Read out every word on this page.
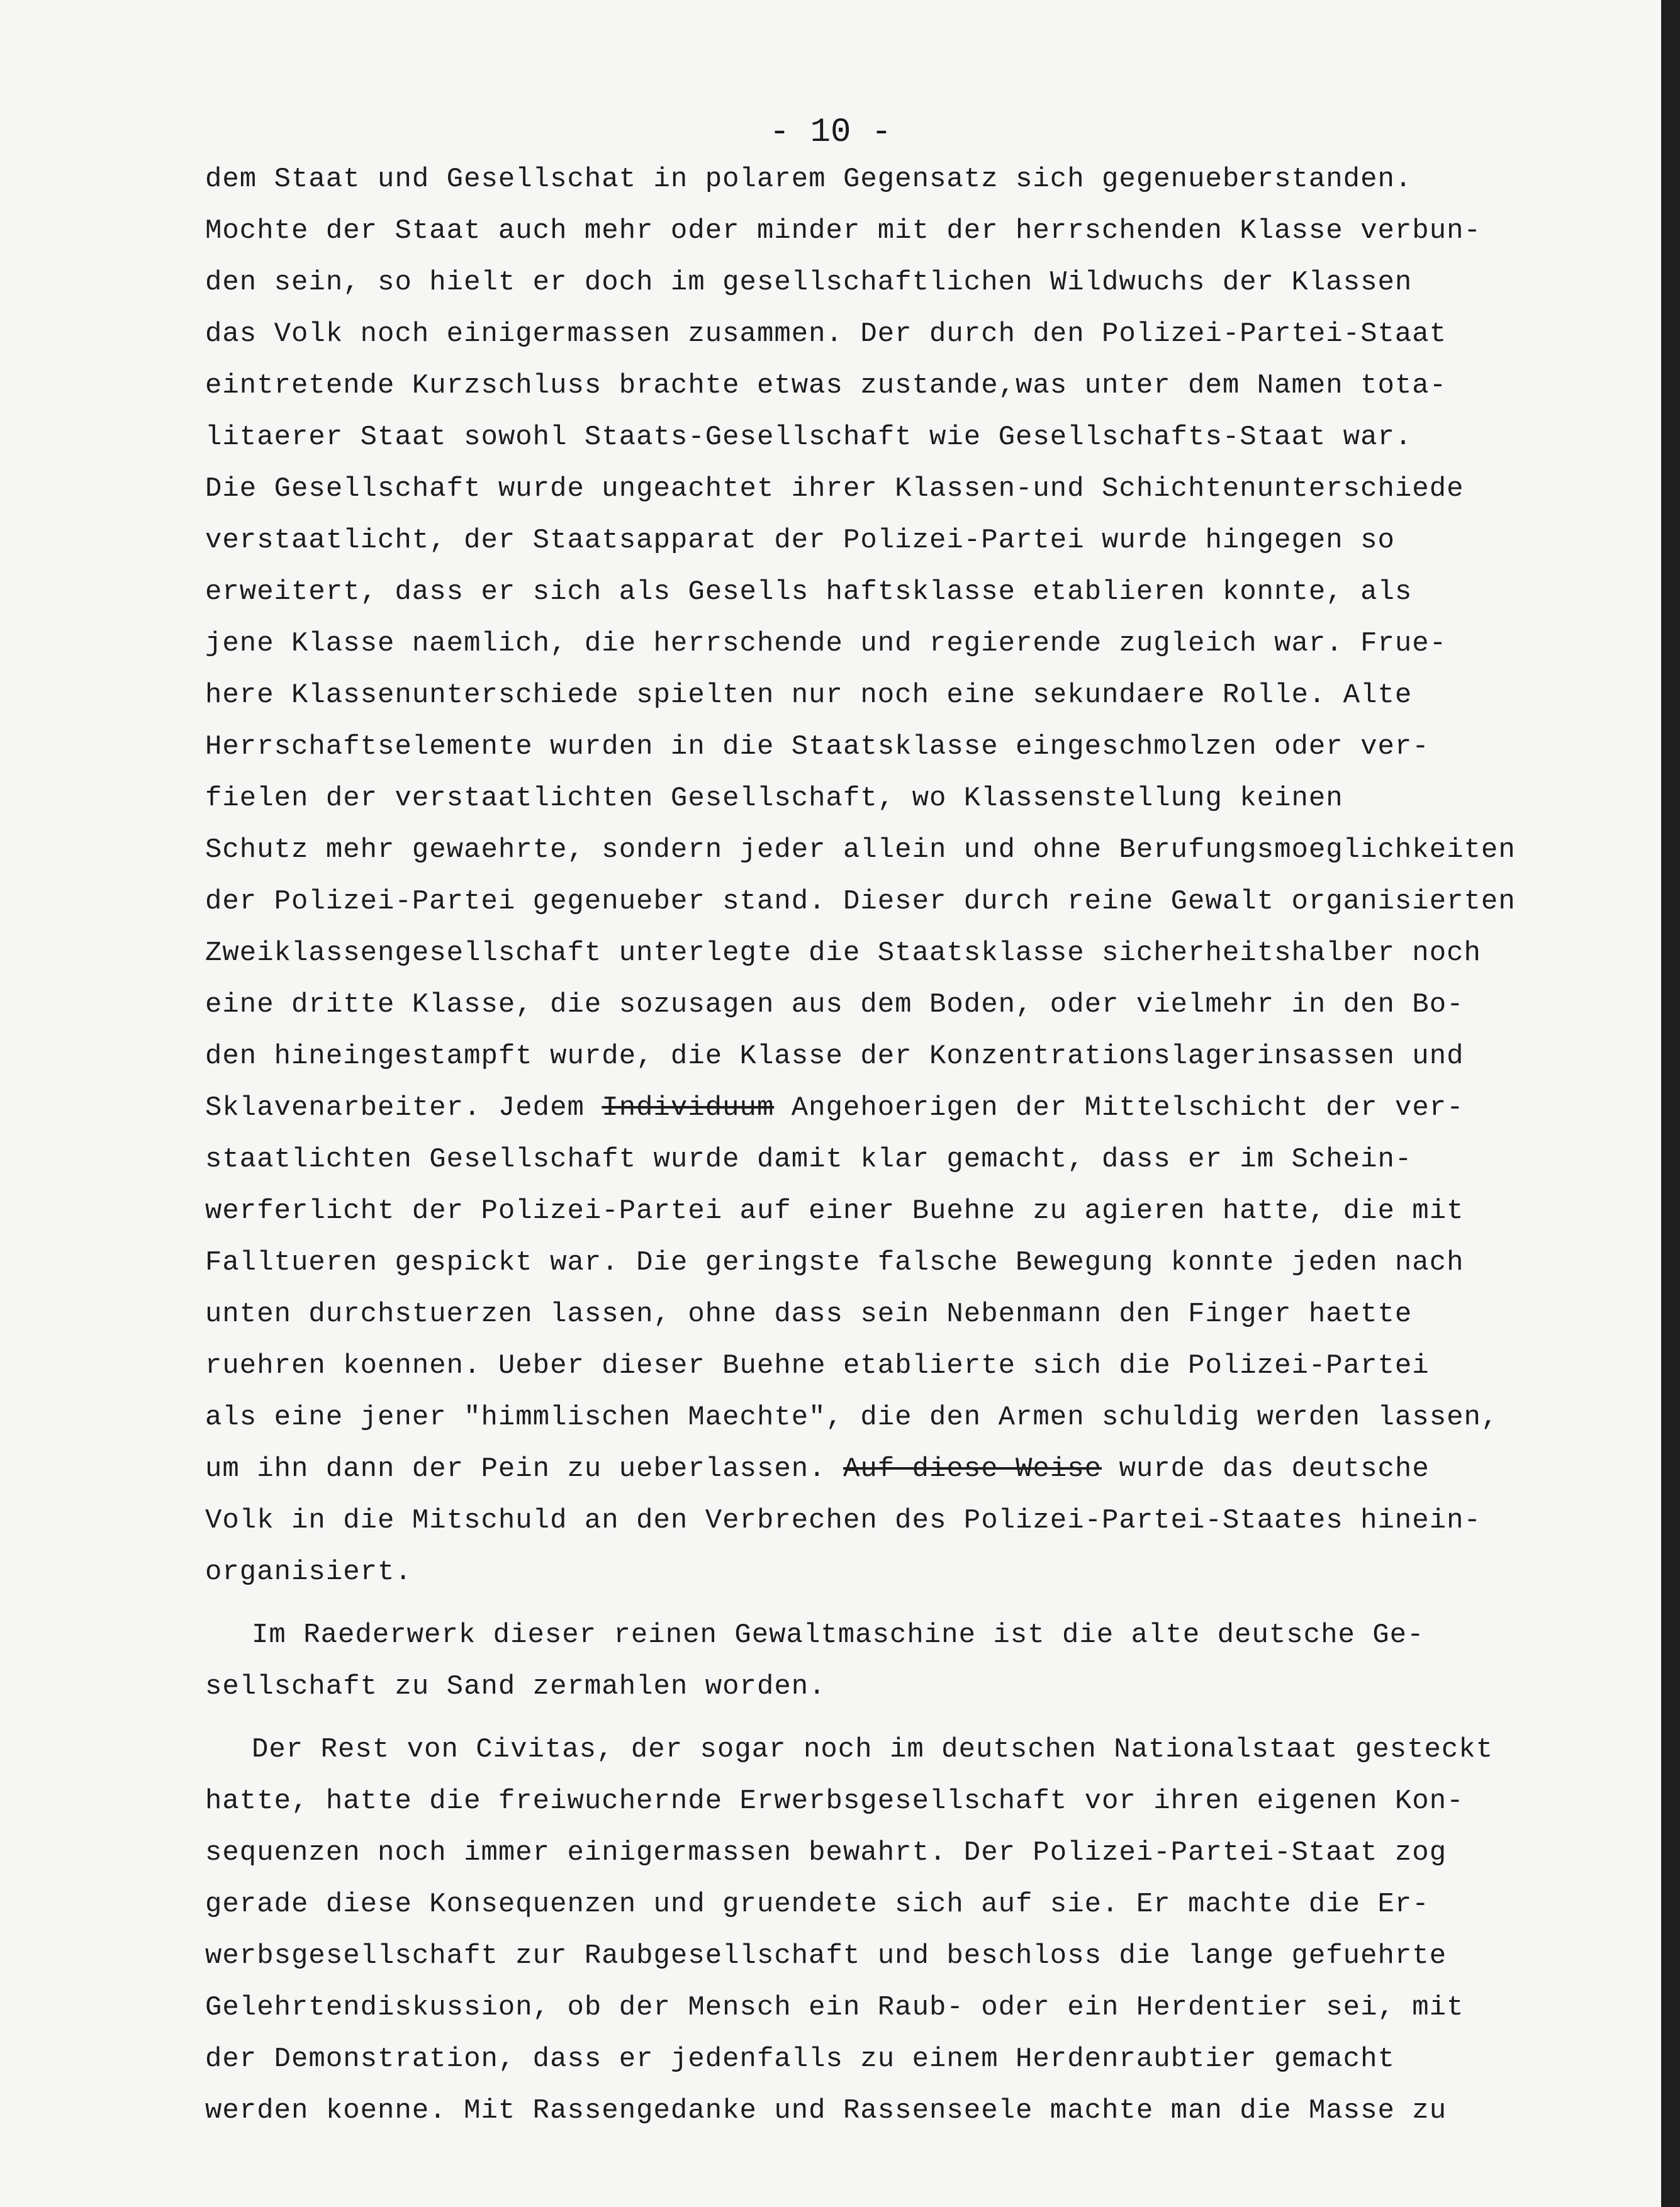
- 10 -
dem Staat und Gesellschat in polarem Gegensatz sich gegenueberstanden.
Mochte der Staat auch mehr oder minder mit der herrschenden Klasse verbun-
den sein, so hielt er doch im gesellschaftlichen Wildwuchs der Klassen
das Volk noch einigermassen zusammen. Der durch den Polizei-Partei-Staat
eintretende Kurzschluss brachte etwas zustande,was unter dem Namen tota-
litaerer Staat sowohl Staats-Gesellschaft wie Gesellschafts-Staat war.
Die Gesellschaft wurde ungeachtet ihrer Klassen-und Schichtenunterschiede
verstaatlicht, der Staatsapparat der Polizei-Partei wurde hingegen so
erweitert, dass er sich als Gesells haftsklasse etablieren konnte, als
jene Klasse naemlich, die herrschende und regierende zugleich war. Frue-
here Klassenunterschiede spielten nur noch eine sekundaere Rolle. Alte
Herrschaftselemente wurden in die Staatsklasse eingeschmolzen oder ver-
fielen der verstaatlichten Gesellschaft, wo Klassenstellung keinen
Schutz mehr gewaehrte, sondern jeder allein und ohne Berufungsmoeglichkeiten
der Polizei-Partei gegenueber stand. Dieser durch reine Gewalt organisierten
Zweiklassengesellschaft unterlegte die Staatsklasse sicherheitshalber noch
eine dritte Klasse, die sozusagen aus dem Boden, oder vielmehr in den Bo-
den hineingestampft wurde, die Klasse der Konzentrationslagerinsassen und
Sklavenarbeiter. Jedem Individuum Angehoerigen der Mittelschicht der ver-
staatlichten Gesellschaft wurde damit klar gemacht, dass er im Schein-
werferlicht der Polizei-Partei auf einer Buehne zu agieren hatte, die mit
Falltueren gespickt war. Die geringste falsche Bewegung konnte jeden nach
unten durchstuerzen lassen, ohne dass sein Nebenmann den Finger haette
ruehren koennen. Ueber dieser Buehne etablierte sich die Polizei-Partei
als eine jener "himmlischen Maechte", die den Armen schuldig werden lassen,
um ihn dann der Pein zu ueberlassen. Auf diese Weise wurde das deutsche
Volk in die Mitschuld an den Verbrechen des Polizei-Partei-Staates hinein-
organisiert.
Im Raederwerk dieser reinen Gewaltmaschine ist die alte deutsche Ge-
sellschaft zu Sand zermahlen worden.
Der Rest von Civitas, der sogar noch im deutschen Nationalstaat gesteckt
hatte, hatte die freiwuchernde Erwerbsgesellschaft vor ihren eigenen Kon-
sequenzen noch immer einigermassen bewahrt. Der Polizei-Partei-Staat zog
gerade diese Konsequenzen und gruendete sich auf sie. Er machte die Er-
werbsgesellschaft zur Raubgesellschaft und beschloss die lange gefuehrte
Gelehrtendiskussion, ob der Mensch ein Raub- oder ein Herdentier sei, mit
der Demonstration, dass er jedenfalls zu einem Herdenraubtier gemacht
werden koenne. Mit Rassengedanke und Rassenseele machte man die Masse zu
